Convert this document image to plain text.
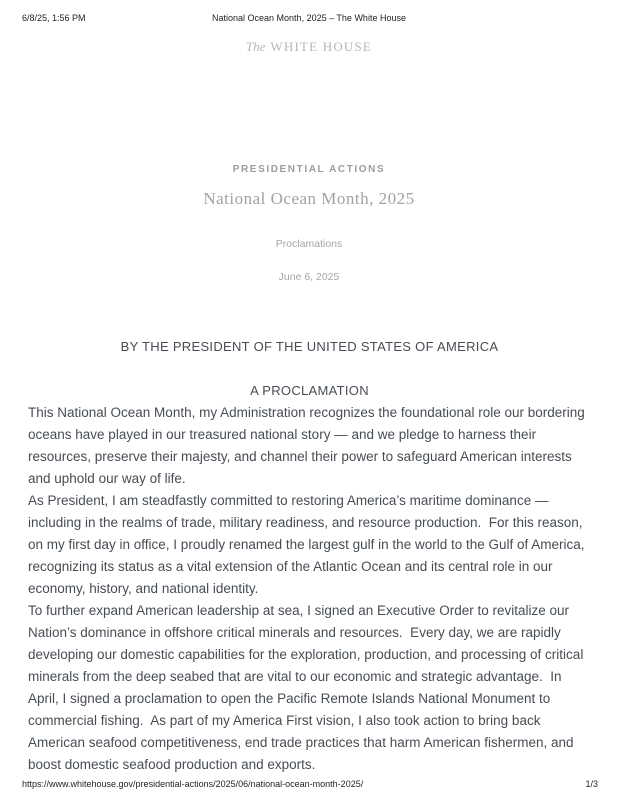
6/8/25, 1:56 PM	National Ocean Month, 2025 – The White House
The WHITE HOUSE
PRESIDENTIAL ACTIONS
National Ocean Month, 2025
Proclamations
June 6, 2025

BY THE PRESIDENT OF THE UNITED STATES OF AMERICA

A PROCLAMATION

This National Ocean Month, my Administration recognizes the foundational role our bordering oceans have played in our treasured national story — and we pledge to harness their resources, preserve their majesty, and channel their power to safeguard American interests and uphold our way of life.

As President, I am steadfastly committed to restoring America’s maritime dominance — including in the realms of trade, military readiness, and resource production.  For this reason, on my first day in office, I proudly renamed the largest gulf in the world to the Gulf of America, recognizing its status as a vital extension of the Atlantic Ocean and its central role in our economy, history, and national identity.

To further expand American leadership at sea, I signed an Executive Order to revitalize our Nation’s dominance in offshore critical minerals and resources.  Every day, we are rapidly developing our domestic capabilities for the exploration, production, and processing of critical minerals from the deep seabed that are vital to our economic and strategic advantage.  In April, I signed a proclamation to open the Pacific Remote Islands National Monument to commercial fishing.  As part of my America First vision, I also took action to bring back American seafood competitiveness, end trade practices that harm American fishermen, and boost domestic seafood production and exports.

https://www.whitehouse.gov/presidential-actions/2025/06/national-ocean-month-2025/	1/3
